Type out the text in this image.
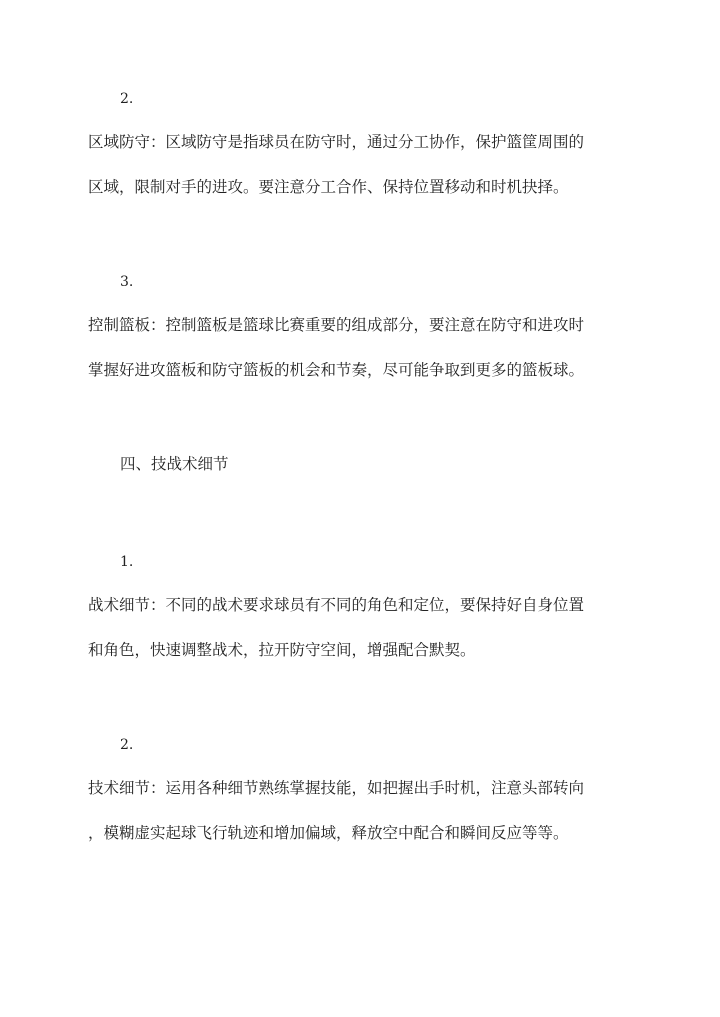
2.
区域防守：区域防守是指球员在防守时，通过分工协作，保护篮筐周围的
区域，限制对手的进攻。要注意分工合作、保持位置移动和时机抉择。
3.
控制篮板：控制篮板是篮球比赛重要的组成部分，要注意在防守和进攻时
掌握好进攻篮板和防守篮板的机会和节奏，尽可能争取到更多的篮板球。
四、技战术细节
1.
战术细节：不同的战术要求球员有不同的角色和定位，要保持好自身位置
和角色，快速调整战术，拉开防守空间，增强配合默契。
2.
技术细节：运用各种细节熟练掌握技能，如把握出手时机，注意头部转向
，模糊虚实起球飞行轨迹和增加偏域，释放空中配合和瞬间反应等等。
